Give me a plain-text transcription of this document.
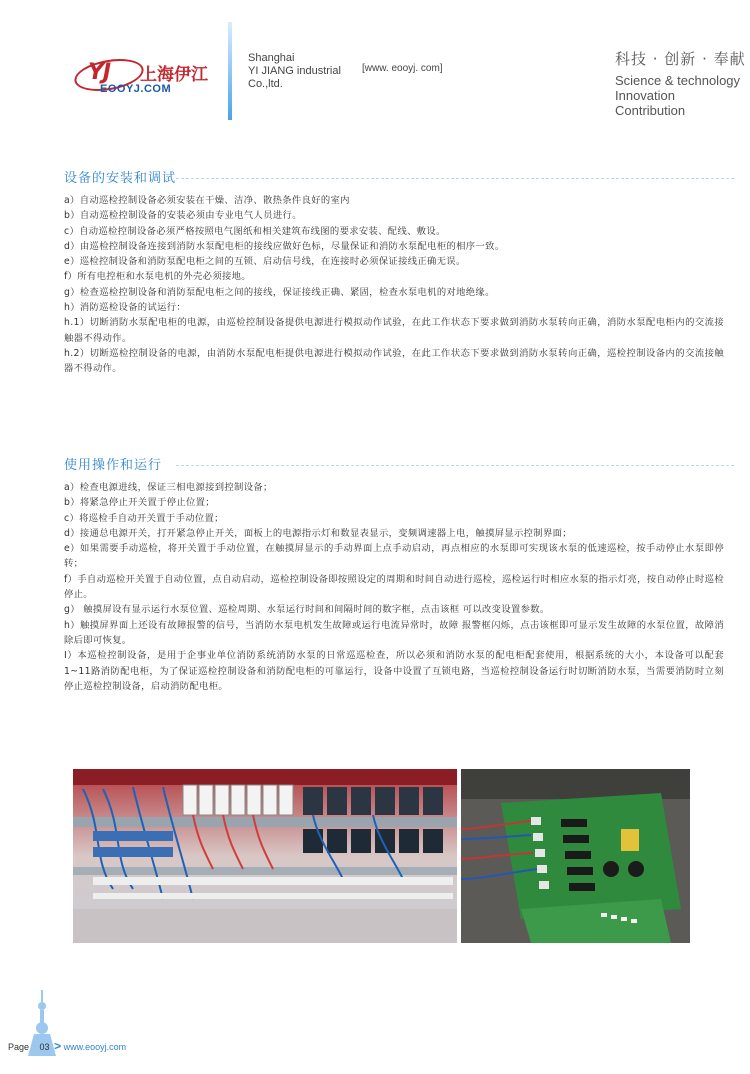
YJ 上海伊江
EOOYJ.COM
Shanghai
YI JIANG industrial
Co.,ltd.
[www. eooyj. com]
科技 · 创新 · 奉献
Science & technology
Innovation
Contribution
设备的安装和调试
a）自动巡检控制设备必须安装在干燥、洁净、散热条件良好的室内
b）自动巡检控制设备的安装必须由专业电气人员进行。
c）自动巡检控制设备必须严格按照电气图纸和相关建筑布线图的要求安装、配线、敷设。
d）由巡检控制设备连接到消防水泵配电柜的接线应做好色标，尽量保证和消防水泵配电柜的相序一致。
e）巡检控制设备和消防泵配电柜之间的互锁、启动信号线，在连接时必须保证接线正确无误。
f）所有电控柜和水泵电机的外壳必须接地。
g）检查巡检控制设备和消防泵配电柜之间的接线，保证接线正确、紧固，检查水泵电机的对地绝缘。
h）消防巡检设备的试运行：
h.1）切断消防水泵配电柜的电源，由巡检控制设备提供电源进行模拟动作试验，在此工作状态下要求做到消防水泵转向正确，消防水泵配电柜内的交流接触器不得动作。
h.2）切断巡检控制设备的电源，由消防水泵配电柜提供电源进行模拟动作试验，在此工作状态下要求做到消防水泵转向正确，巡检控制设备内的交流接触器不得动作。
使用操作和运行
a）检查电源进线，保证三相电源接到控制设备；
b）将紧急停止开关置于停止位置；
c）将巡检手自动开关置于手动位置；
d）接通总电源开关，打开紧急停止开关，面板上的电源指示灯和数显表显示，变频调速器上电，触摸屏显示控制界面；
e）如果需要手动巡检，将开关置于手动位置，在触摸屏显示的手动界面上点手动启动，再点相应的水泵即可实现该水泵的低速巡检，按手动停止水泵即停转；
f）手自动巡检开关置于自动位置，点自动启动，巡检控制设备即按照设定的周期和时间自动进行巡检，巡检运行时相应水泵的指示灯亮，按自动停止时巡检停止。
g） 触摸屏设有显示运行水泵位置、巡检周期、水泵运行时间和间隔时间的数字框，点击该框 可以改变设置参数。
h）触摸屏界面上还设有故障报警的信号，当消防水泵电机发生故障或运行电流异常时，故障 报警框闪烁，点击该框即可显示发生故障的水泵位置，故障消除后即可恢复。
I）本巡检控制设备，是用于企事业单位消防系统消防水泵的日常巡巡检查，所以必须和消防水泵的配电柜配套使用，根据系统的大小，本设备可以配套1~11路消防配电柜，为了保证巡检控制设备和消防配电柜的可靠运行，设备中设置了互锁电路，当巡检控制设备运行时切断消防水泵，当需要消防时立刻停止巡检控制设备，启动消防配电柜。
Page 03 > www.eooyj.com
